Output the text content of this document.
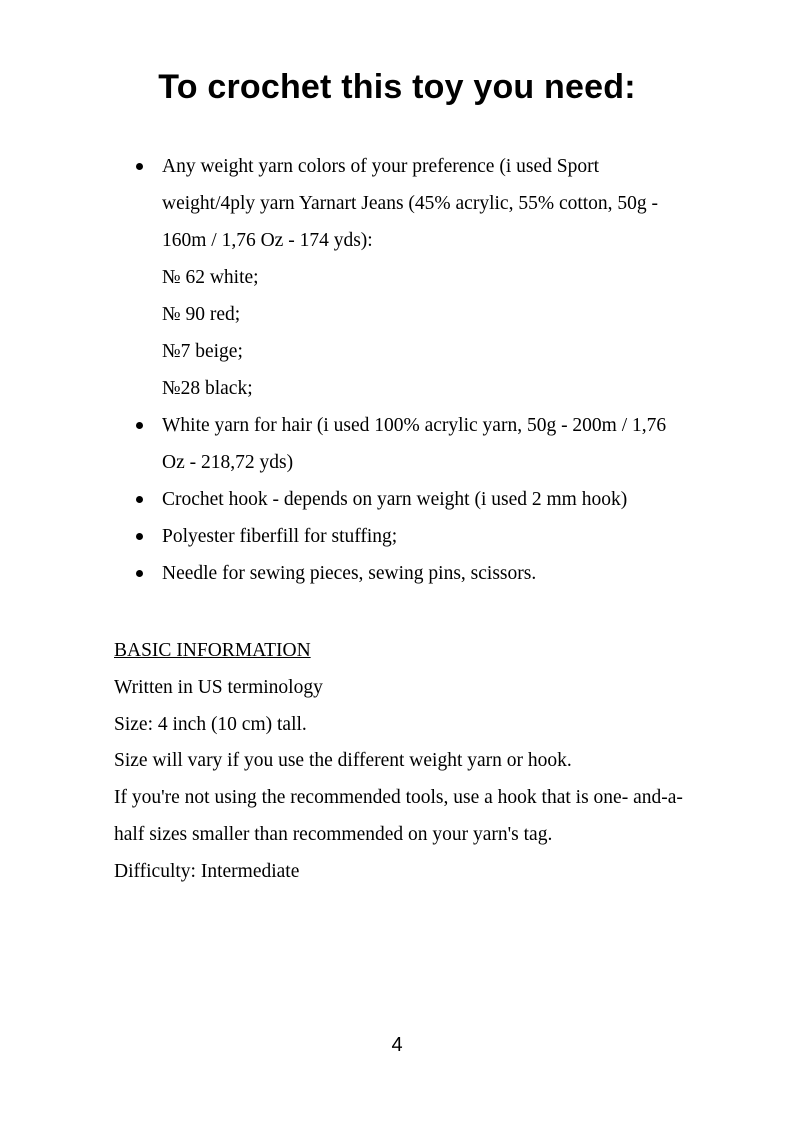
To crochet this toy you need:
Any weight yarn colors of your preference (i used Sport
weight/4ply yarn Yarnart Jeans (45% acrylic, 55% cotton, 50g -
160m / 1,76 Oz - 174 yds):
№ 62 white;
№ 90 red;
№7 beige;
№28 black;
White yarn for hair (i used 100% acrylic yarn, 50g - 200m / 1,76
Oz - 218,72 yds)
Crochet hook - depends on yarn weight (i used 2 mm hook)
Polyester fiberfill for stuffing;
Needle for sewing pieces, sewing pins, scissors.
BASIC INFORMATION
Written in US terminology
Size: 4 inch (10 cm) tall.
Size will vary if you use the different weight yarn or hook.
If you're not using the recommended tools, use a hook that is one- and-a-
half sizes smaller than recommended on your yarn's tag.
Difficulty: Intermediate
4
